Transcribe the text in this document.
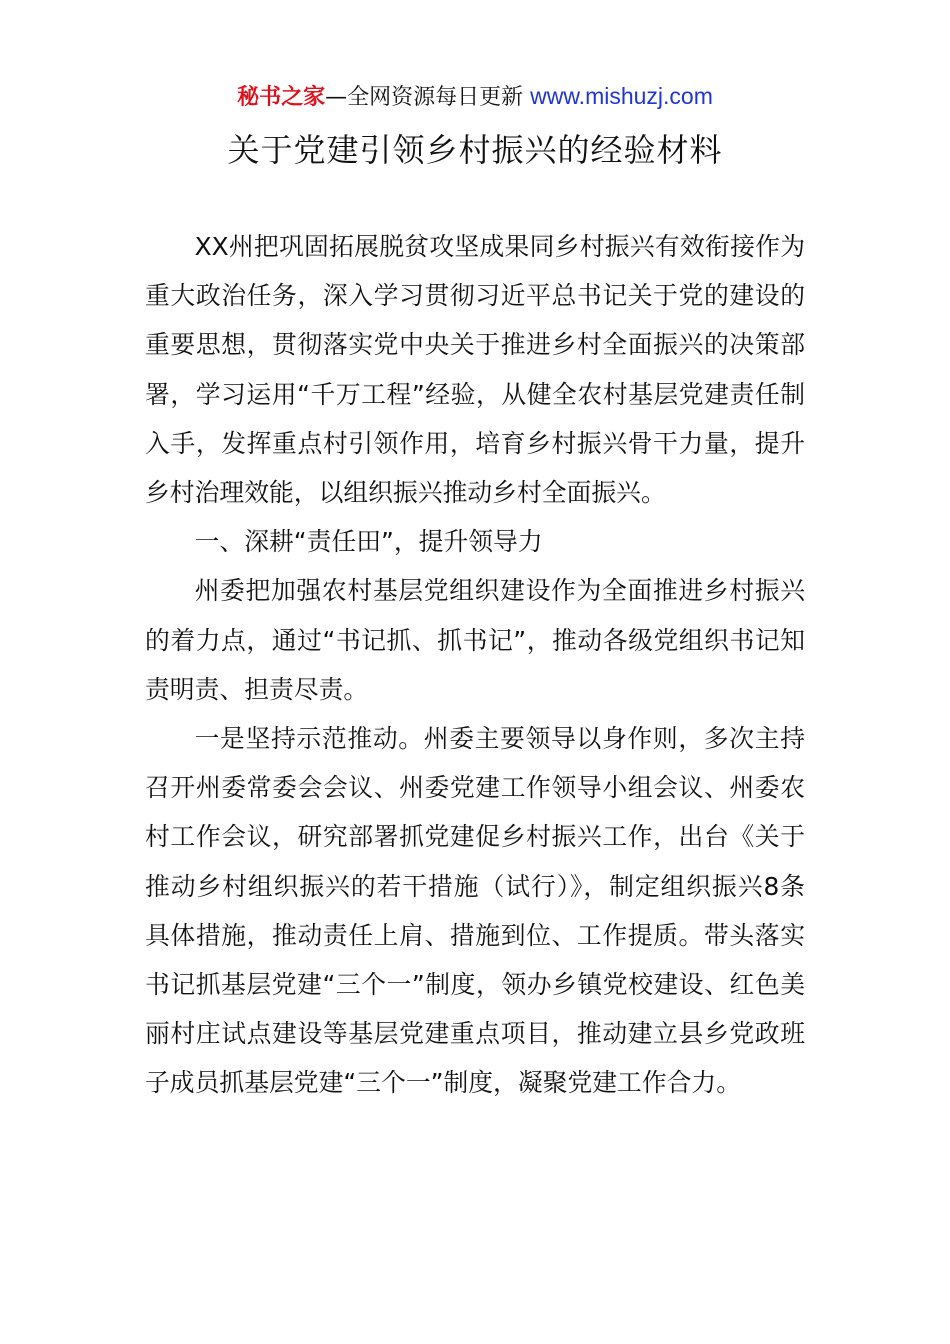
秘书之家—全网资源每日更新 www.mishuzj.com
关于党建引领乡村振兴的经验材料

XX州把巩固拓展脱贫攻坚成果同乡村振兴有效衔接作为重大政治任务，深入学习贯彻习近平总书记关于党的建设的重要思想，贯彻落实党中央关于推进乡村全面振兴的决策部署，学习运用“千万工程”经验，从健全农村基层党建责任制入手，发挥重点村引领作用，培育乡村振兴骨干力量，提升乡村治理效能，以组织振兴推动乡村全面振兴。

一、深耕“责任田”，提升领导力

州委把加强农村基层党组织建设作为全面推进乡村振兴的着力点，通过“书记抓、抓书记”，推动各级党组织书记知责明责、担责尽责。

一是坚持示范推动。州委主要领导以身作则，多次主持召开州委常委会会议、州委党建工作领导小组会议、州委农村工作会议，研究部署抓党建促乡村振兴工作，出台《关于推动乡村组织振兴的若干措施（试行）》，制定组织振兴8条具体措施，推动责任上肩、措施到位、工作提质。带头落实书记抓基层党建“三个一”制度，领办乡镇党校建设、红色美丽村庄试点建设等基层党建重点项目，推动建立县乡党政班子成员抓基层党建“三个一”制度，凝聚党建工作合力。
